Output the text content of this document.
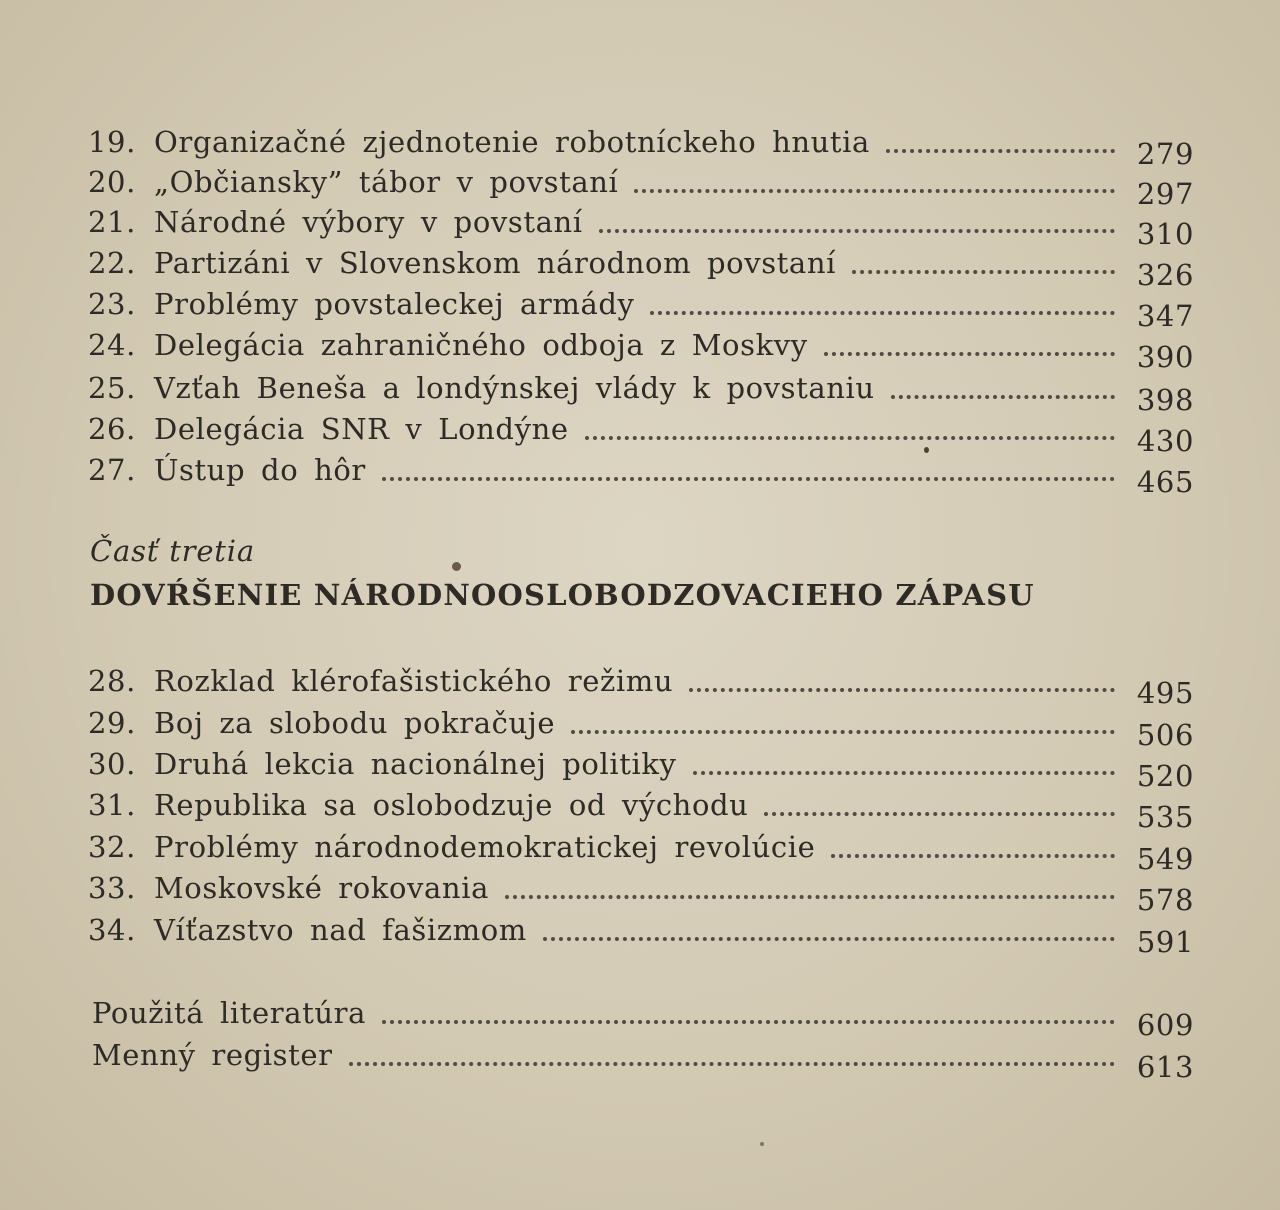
19. Organizačné zjednotenie robotníckeho hnutia	279
20. „Občiansky” tábor v povstaní	297
21. Národné výbory v povstaní	310
22. Partizáni v Slovenskom národnom povstaní	326
23. Problémy povstaleckej armády	347
24. Delegácia zahraničného odboja z Moskvy	390
25. Vzťah Beneša a londýnskej vlády k povstaniu	398
26. Delegácia SNR v Londýne	430
27. Ústup do hôr	465
Časť tretia
DOVŔŠENIE NÁRODNOOSLOBODZOVACIEHO ZÁPASU
28. Rozklad klérofašistického režimu	495
29. Boj za slobodu pokračuje	506
30. Druhá lekcia nacionálnej politiky	520
31. Republika sa oslobodzuje od východu	535
32. Problémy národnodemokratickej revolúcie	549
33. Moskovské rokovania	578
34. Víťazstvo nad fašizmom	591
Použitá literatúra	609
Menný register	613
